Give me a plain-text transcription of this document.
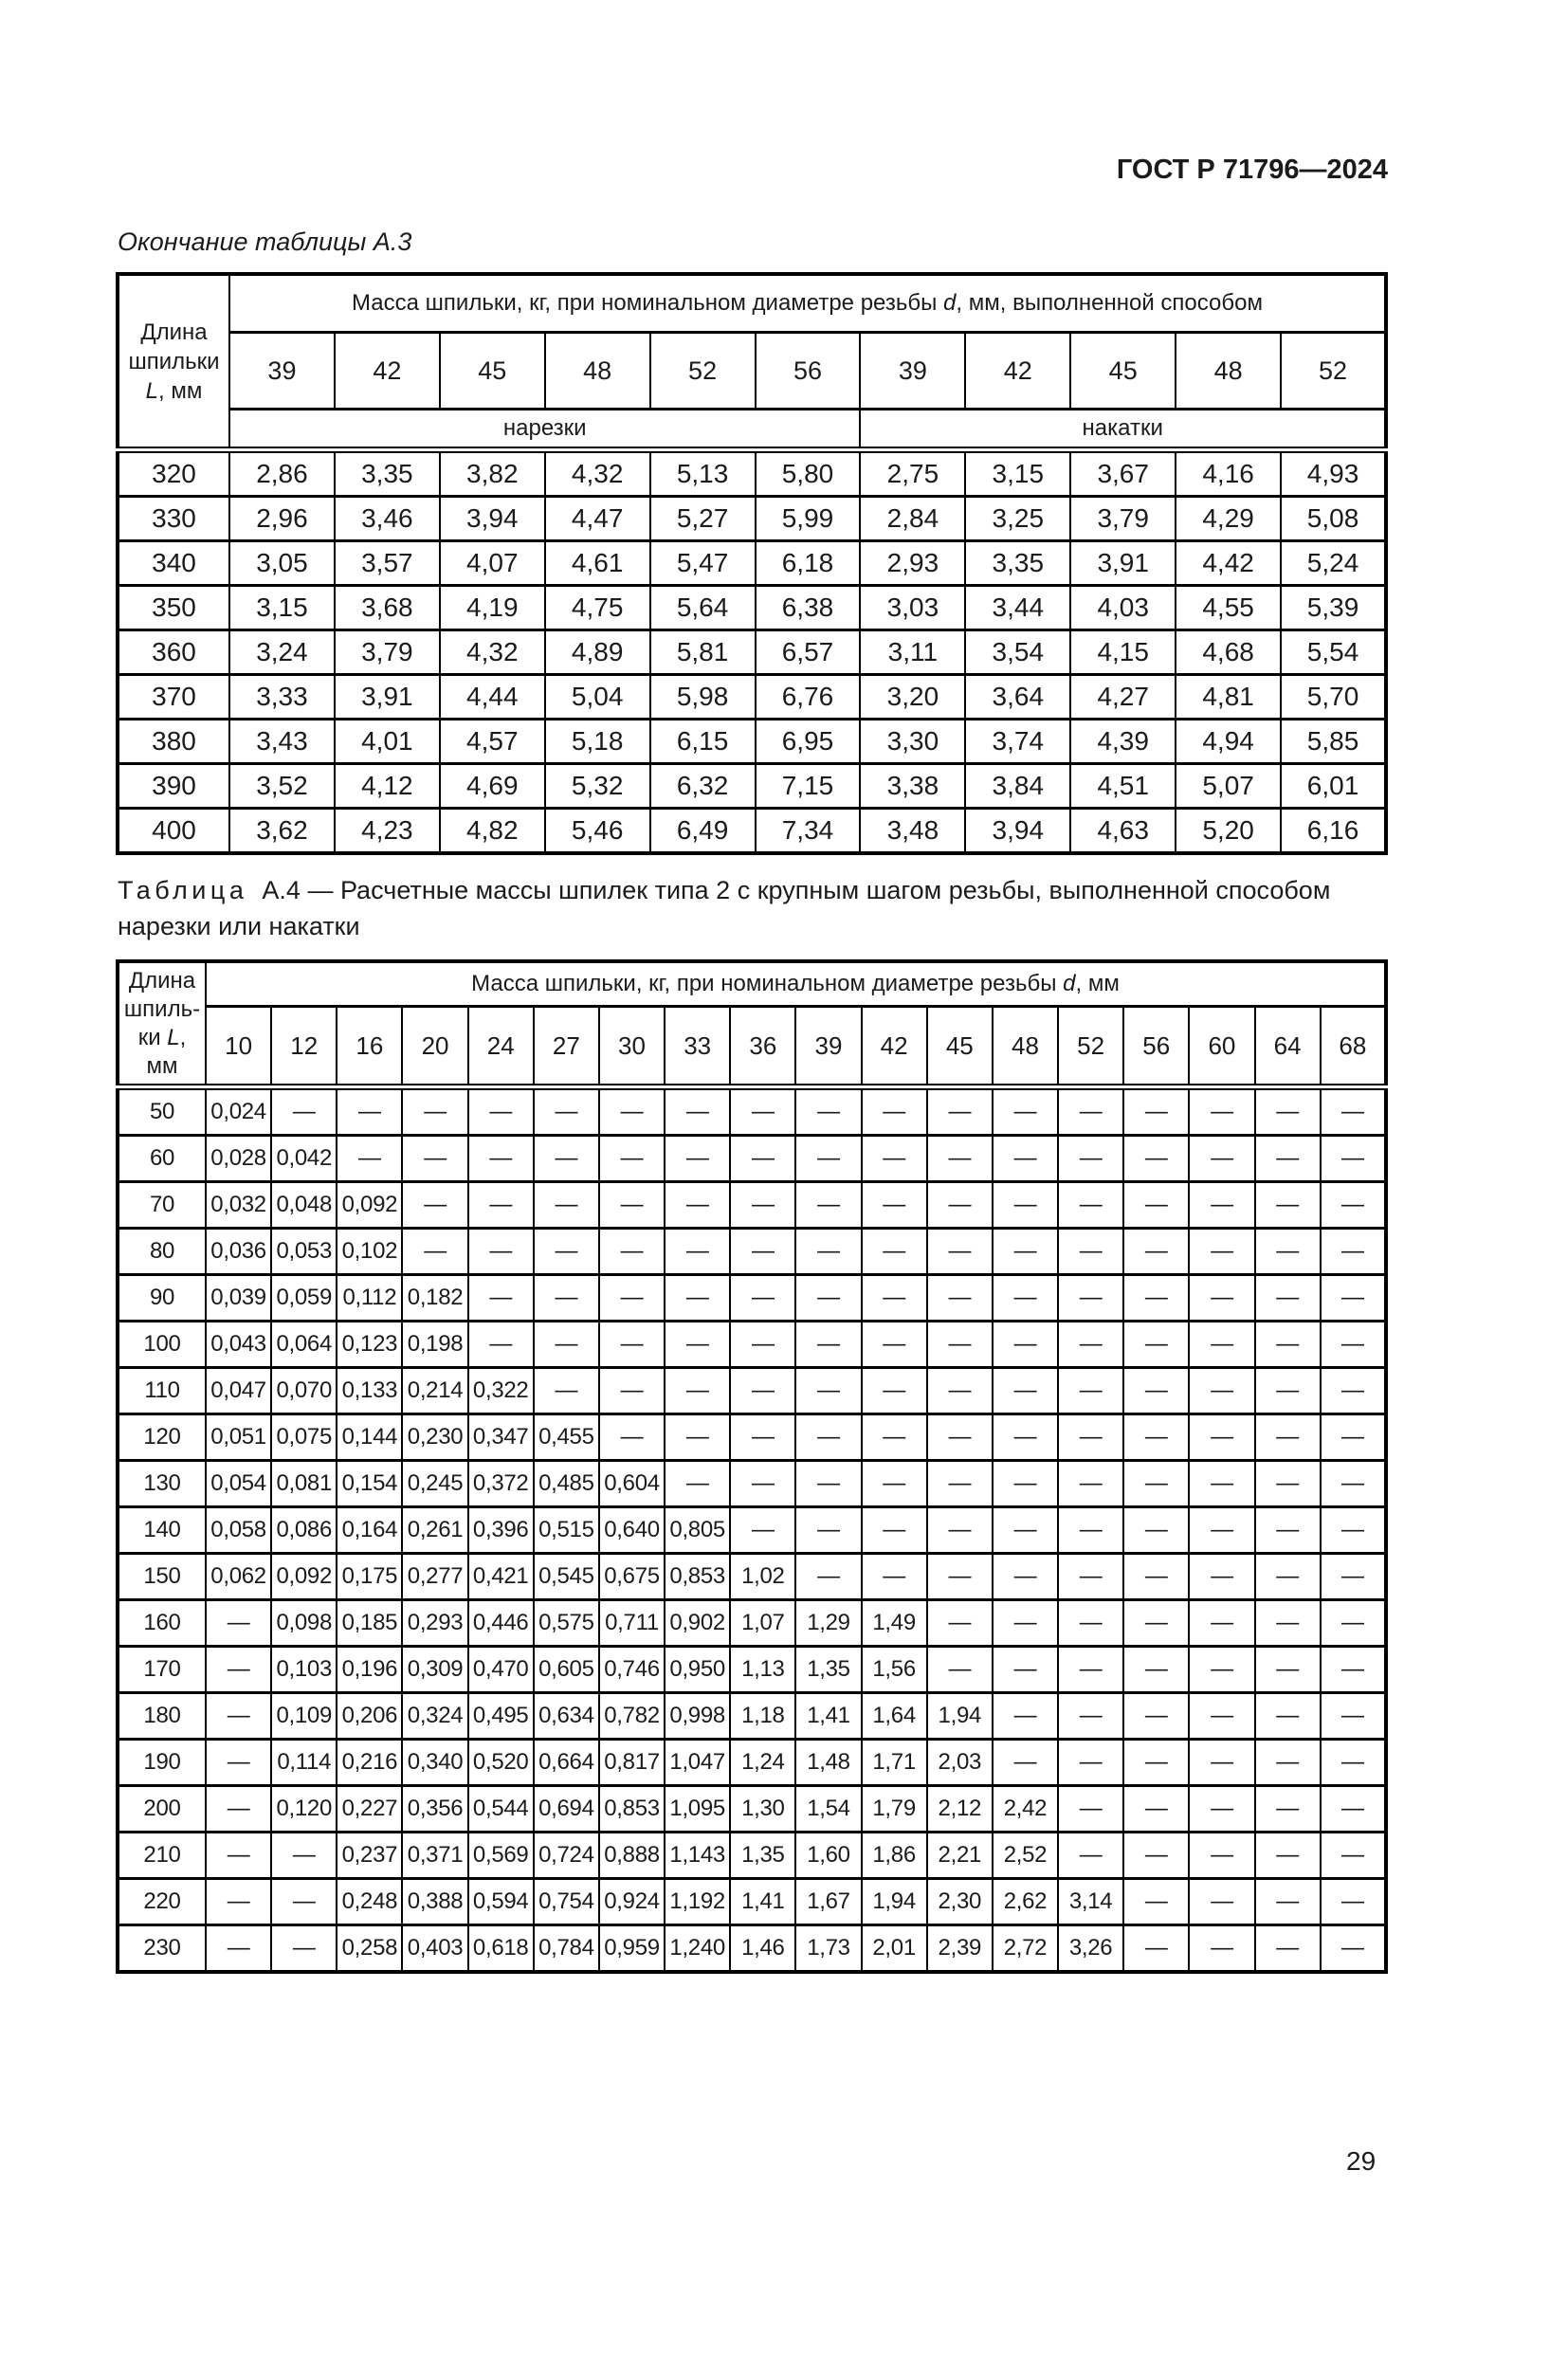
ГОСТ Р 71796—2024
Окончание таблицы А.3
Длина
шпильки
L, мм	Масса шпильки, кг, при номинальном диаметре резьбы d, мм, выполненной способом										
	39	42	45	48	52	56	39	42	45	48	52
	нарезки						накатки				
320	2,86	3,35	3,82	4,32	5,13	5,80	2,75	3,15	3,67	4,16	4,93
330	2,96	3,46	3,94	4,47	5,27	5,99	2,84	3,25	3,79	4,29	5,08
340	3,05	3,57	4,07	4,61	5,47	6,18	2,93	3,35	3,91	4,42	5,24
350	3,15	3,68	4,19	4,75	5,64	6,38	3,03	3,44	4,03	4,55	5,39
360	3,24	3,79	4,32	4,89	5,81	6,57	3,11	3,54	4,15	4,68	5,54
370	3,33	3,91	4,44	5,04	5,98	6,76	3,20	3,64	4,27	4,81	5,70
380	3,43	4,01	4,57	5,18	6,15	6,95	3,30	3,74	4,39	4,94	5,85
390	3,52	4,12	4,69	5,32	6,32	7,15	3,38	3,84	4,51	5,07	6,01
400	3,62	4,23	4,82	5,46	6,49	7,34	3,48	3,94	4,63	5,20	6,16
Таблица А.4 — Расчетные массы шпилек типа 2 с крупным шагом резьбы, выполненной способом нарезки или накатки
Длина
шпиль-
ки L,
мм	Масса шпильки, кг, при номинальном диаметре резьбы d, мм																	
	10	12	16	20	24	27	30	33	36	39	42	45	48	52	56	60	64	68
50	0,024	—	—	—	—	—	—	—	—	—	—	—	—	—	—	—	—	—
60	0,028	0,042	—	—	—	—	—	—	—	—	—	—	—	—	—	—	—	—
70	0,032	0,048	0,092	—	—	—	—	—	—	—	—	—	—	—	—	—	—	—
80	0,036	0,053	0,102	—	—	—	—	—	—	—	—	—	—	—	—	—	—	—
90	0,039	0,059	0,112	0,182	—	—	—	—	—	—	—	—	—	—	—	—	—	—
100	0,043	0,064	0,123	0,198	—	—	—	—	—	—	—	—	—	—	—	—	—	—
110	0,047	0,070	0,133	0,214	0,322	—	—	—	—	—	—	—	—	—	—	—	—	—
120	0,051	0,075	0,144	0,230	0,347	0,455	—	—	—	—	—	—	—	—	—	—	—	—
130	0,054	0,081	0,154	0,245	0,372	0,485	0,604	—	—	—	—	—	—	—	—	—	—	—
140	0,058	0,086	0,164	0,261	0,396	0,515	0,640	0,805	—	—	—	—	—	—	—	—	—	—
150	0,062	0,092	0,175	0,277	0,421	0,545	0,675	0,853	1,02	—	—	—	—	—	—	—	—	—
160	—	0,098	0,185	0,293	0,446	0,575	0,711	0,902	1,07	1,29	1,49	—	—	—	—	—	—	—
170	—	0,103	0,196	0,309	0,470	0,605	0,746	0,950	1,13	1,35	1,56	—	—	—	—	—	—	—
180	—	0,109	0,206	0,324	0,495	0,634	0,782	0,998	1,18	1,41	1,64	1,94	—	—	—	—	—	—
190	—	0,114	0,216	0,340	0,520	0,664	0,817	1,047	1,24	1,48	1,71	2,03	—	—	—	—	—	—
200	—	0,120	0,227	0,356	0,544	0,694	0,853	1,095	1,30	1,54	1,79	2,12	2,42	—	—	—	—	—
210	—	—	0,237	0,371	0,569	0,724	0,888	1,143	1,35	1,60	1,86	2,21	2,52	—	—	—	—	—
220	—	—	0,248	0,388	0,594	0,754	0,924	1,192	1,41	1,67	1,94	2,30	2,62	3,14	—	—	—	—
230	—	—	0,258	0,403	0,618	0,784	0,959	1,240	1,46	1,73	2,01	2,39	2,72	3,26	—	—	—	—
29
